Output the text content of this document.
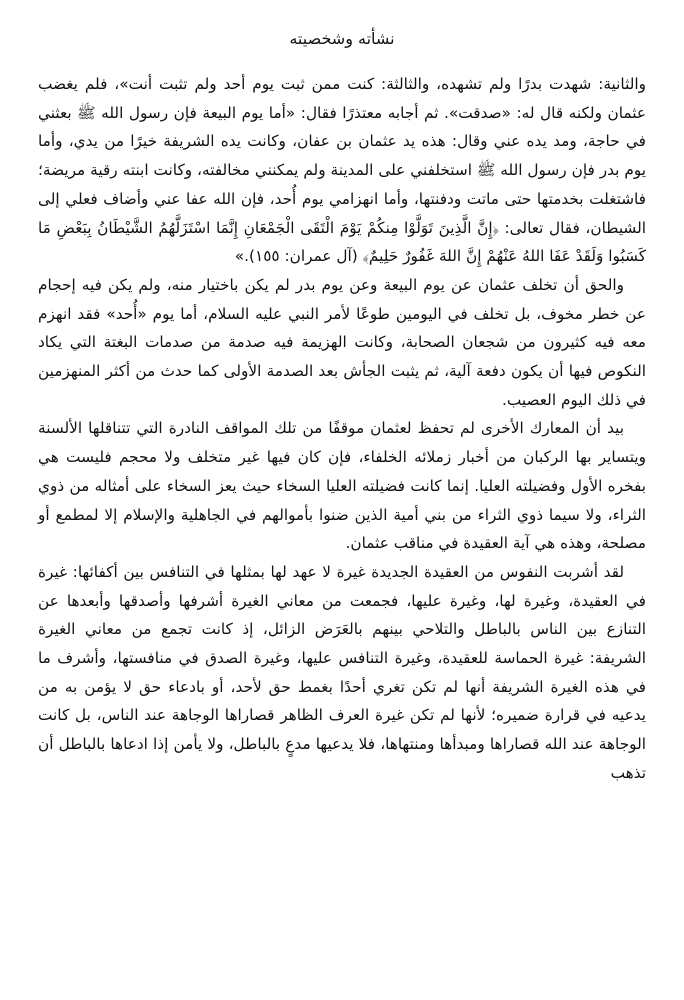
نشأته وشخصيته

والثانية: شهدت بدرًا ولم تشهده، والثالثة: كنت ممن ثبت يوم أحد ولم تثبت أنت»، فلم يغضب عثمان ولكنه قال له: «صدقت». ثم أجابه معتذرًا فقال: «أما يوم البيعة فإن رسول الله ﷺ بعثني في حاجة، ومد يده عني وقال: هذه يد عثمان بن عفان، وكانت يده الشريفة خيرًا من يدي، وأما يوم بدر فإن رسول الله ﷺ استخلفني على المدينة ولم يمكنني مخالفته، وكانت ابنته رقية مريضة؛ فاشتغلت بخدمتها حتى ماتت ودفنتها، وأما انهزامي يوم أُحد، فإن الله عفا عني وأضاف فعلي إلى الشيطان، فقال تعالى: ﴿إِنَّ الَّذِينَ تَوَلَّوْا مِنكُمْ يَوْمَ الْتَقَى الْجَمْعَانِ إِنَّمَا اسْتَزَلَّهُمُ الشَّيْطَانُ بِبَعْضِ مَا كَسَبُوا وَلَقَدْ عَفَا اللهُ عَنْهُمْ إِنَّ اللهَ غَفُورٌ حَلِيمٌ﴾ (آل عمران: ١٥٥).»

والحق أن تخلف عثمان عن يوم البيعة وعن يوم بدر لم يكن باختيار منه، ولم يكن فيه إحجام عن خطر مخوف، بل تخلف في اليومين طوعًا لأمر النبي عليه السلام، أما يوم «أُحد» فقد انهزم معه فيه كثيرون من شجعان الصحابة، وكانت الهزيمة فيه صدمة من صدمات البغتة التي يكاد النكوص فيها أن يكون دفعة آلية، ثم يثبت الجأش بعد الصدمة الأولى كما حدث من أكثر المنهزمين في ذلك اليوم العصيب.

بيد أن المعارك الأخرى لم تحفظ لعثمان موقفًا من تلك المواقف النادرة التي تتناقلها الألسنة ويتساير بها الركبان من أخبار زملائه الخلفاء، فإن كان فيها غير متخلف ولا محجم فليست هي بفخره الأول وفضيلته العليا. إنما كانت فضيلته العليا السخاء حيث يعز السخاء على أمثاله من ذوي الثراء، ولا سيما ذوي الثراء من بني أمية الذين ضنوا بأموالهم في الجاهلية والإسلام إلا لمطمع أو مصلحة، وهذه هي آية العقيدة في مناقب عثمان.

لقد أشربت النفوس من العقيدة الجديدة غيرة لا عهد لها بمثلها في التنافس بين أكفائها: غيرة في العقيدة، وغيرة لها، وغيرة عليها، فجمعت من معاني الغيرة أشرفها وأصدقها وأبعدها عن التنازع بين الناس بالباطل والتلاحي بينهم بالعَرَض الزائل، إذ كانت تجمع من معاني الغيرة الشريفة: غيرة الحماسة للعقيدة، وغيرة التنافس عليها، وغيرة الصدق في منافستها، وأشرف ما في هذه الغيرة الشريفة أنها لم تكن تغري أحدًا بغمط حق لأحد، أو بادعاء حق لا يؤمن به من يدعيه في قرارة ضميره؛ لأنها لم تكن غيرة العرف الظاهر قصاراها الوجاهة عند الناس، بل كانت الوجاهة عند الله قصاراها ومبدأها ومنتهاها، فلا يدعيها مدعٍ بالباطل، ولا يأمن إذا ادعاها بالباطل أن تذهب
